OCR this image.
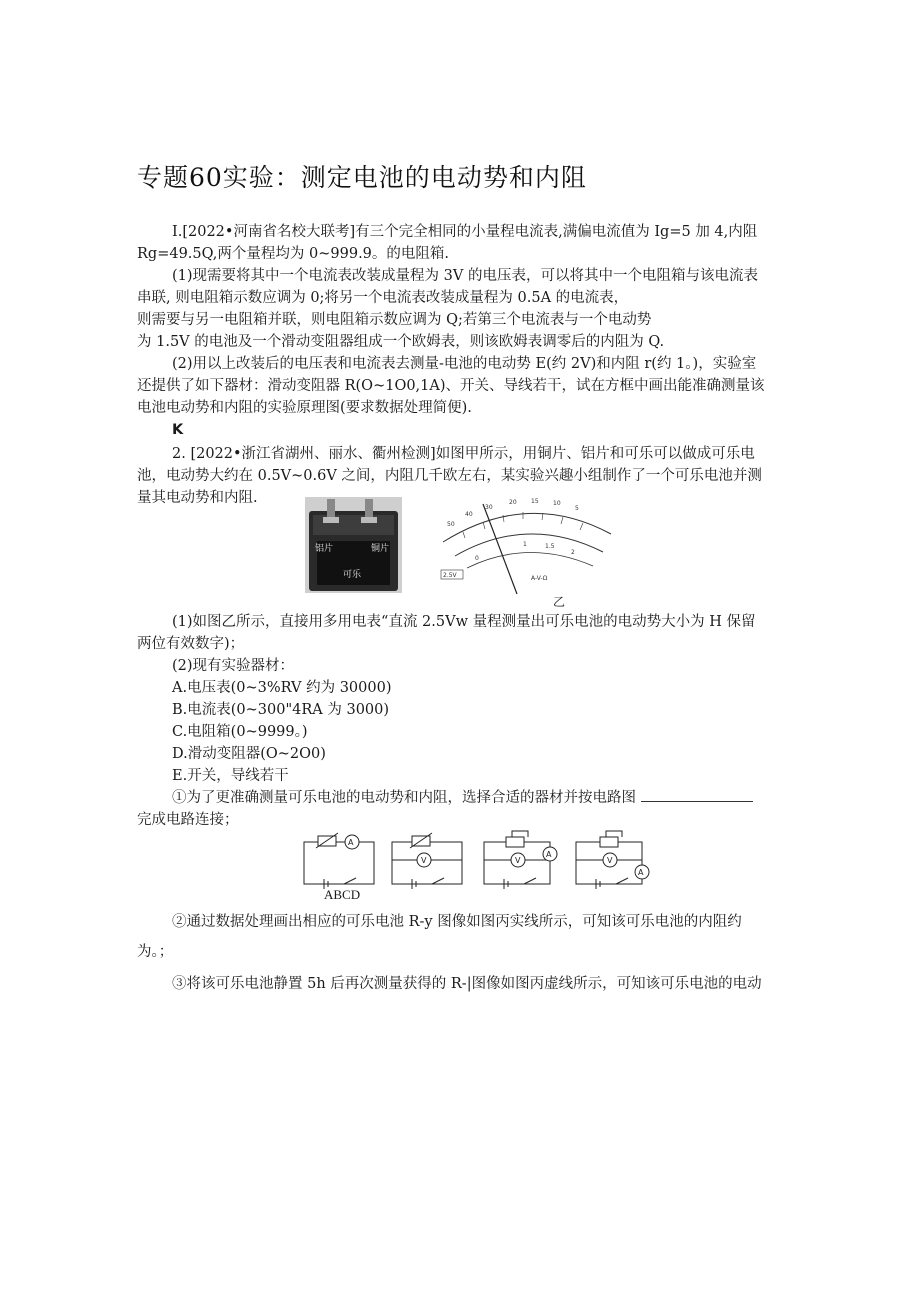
专题60实验：测定电池的电动势和内阻
I.[2022•河南省名校大联考]有三个完全相同的小量程电流表,满偏电流值为 Ig=5 加 4,内阻
Rg=49.5Q,两个量程均为 0~999.9。的电阻箱.
(1)现需要将其中一个电流表改装成量程为 3V 的电压表，可以将其中一个电阻箱与该电流表
串联, 则电阻箱示数应调为 0;将另一个电流表改装成量程为 0.5A 的电流表，
则需要与另一电阻箱并联，则电阻箱示数应调为 Q;若第三个电流表与一个电动势
为 1.5V 的电池及一个滑动变阻器组成一个欧姆表，则该欧姆表调零后的内阻为 Q.
(2)用以上改装后的电压表和电流表去测量-电池的电动势 E(约 2V)和内阻 r(约 1。)，实验室
还提供了如下器材：滑动变阻器 R(O~1O0,1A)、开关、导线若干，试在方框中画出能准确测量该
电池电动势和内阻的实验原理图(要求数据处理简便).
K
2. [2022•浙江省湖州、丽水、衢州检测]如图甲所示，用铜片、铝片和可乐可以做成可乐电
池，电动势大约在 0.5V~0.6V 之间，内阻几千欧左右，某实验兴趣小组制作了一个可乐电池并测
量其电动势和内阻.
铝片	铜片
可乐
50
40
30
20 15 10
5
0
1	1.5
2
2.5V	A-V-Ω
乙
(1)如图乙所示，直接用多用电表“直流 2.5Vw 量程测量出可乐电池的电动势大小为 H 保留
两位有效数字)；
(2)现有实验器材：
A.电压表(0~3%RV 约为 30000)
B.电流表(0~300"4RA 为 3000)
C.电阻箱(0~9999。)
D.滑动变阻器(O~2O0)
E.开关，导线若干
①为了更准确测量可乐电池的电动势和内阻，选择合适的器材并按电路图
完成电路连接；
A
V	V
A
V
A
ABCD
②通过数据处理画出相应的可乐电池 R-y 图像如图丙实线所示，可知该可乐电池的内阻约
为。；
③将该可乐电池静置 5h 后再次测量获得的 R-|图像如图丙虚线所示，可知该可乐电池的电动
